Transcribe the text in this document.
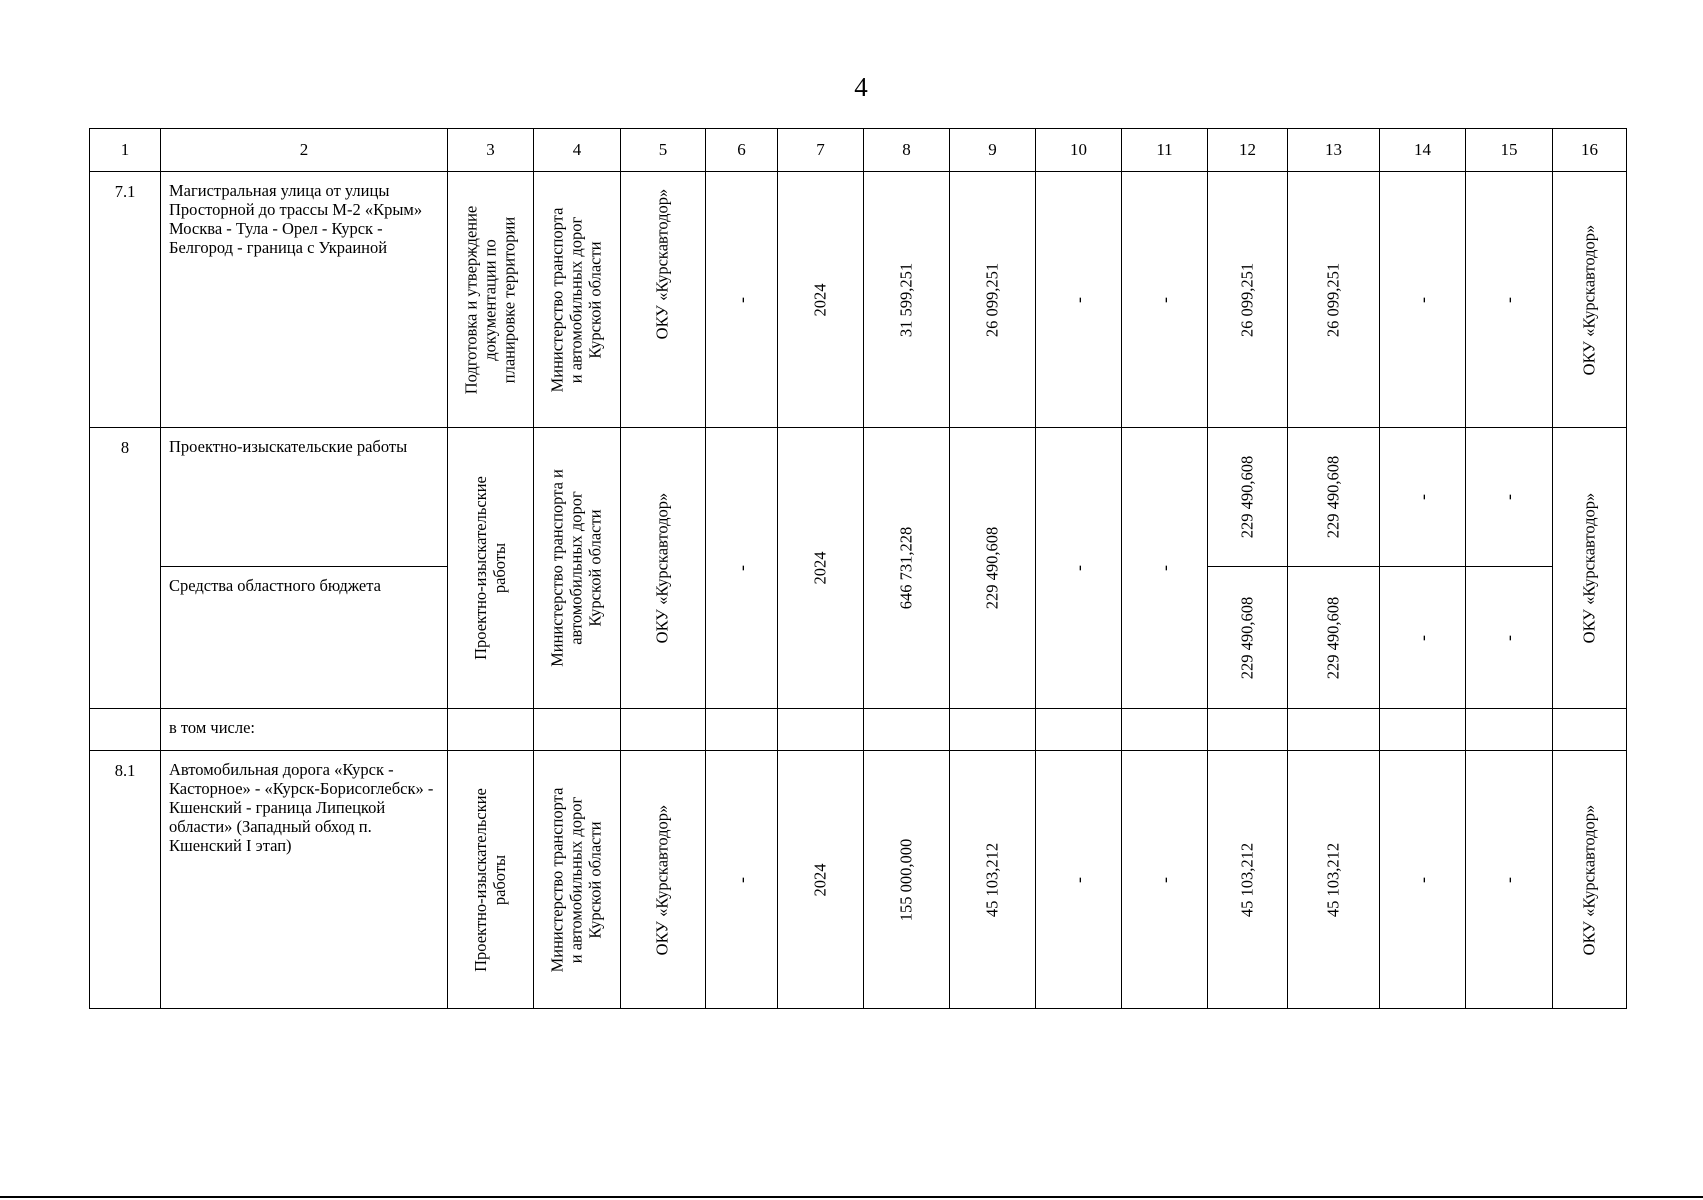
4
1	2	3	4	5	6	7	8	9	10	11	12	13	14	15	16
7.1	Магистральная улица от улицы Просторной до трассы М-2 «Крым» Москва - Тула - Орел - Курск - Белгород - граница с Украиной	Подготовка и утверждение документации по планировке территории	Министерство транспорта и автомобильных дорог Курской области	ОКУ «Курскавтодор»	-	2024	31 599,251	26 099,251	-	-	26 099,251	26 099,251	-	-	ОКУ «Курскавтодор»

8	Проектно-изыскательские работы	Проектно-изыскательские работы	Министерство транспорта и автомобильных дорог Курской области	ОКУ «Курскавтодор»	-	2024	646 731,228	229 490,608	-	-	229 490,608	229 490,608	-	-	ОКУ «Курскавтодор»

	Средства областного бюджета										229 490,608	229 490,608	-	-	

	в том числе:														
8.1	Автомобильная дорога «Курск - Касторное» - «Курск-Борисоглебск» - Кшенский - граница Липецкой области» (Западный обход п. Кшенский I этап)	Проектно-изыскательские работы	Министерство транспорта и автомобильных дорог Курской области	ОКУ «Курскавтодор»	-	2024	155 000,000	45 103,212	-	-	45 103,212	45 103,212	-	-	ОКУ «Курскавтодор»
